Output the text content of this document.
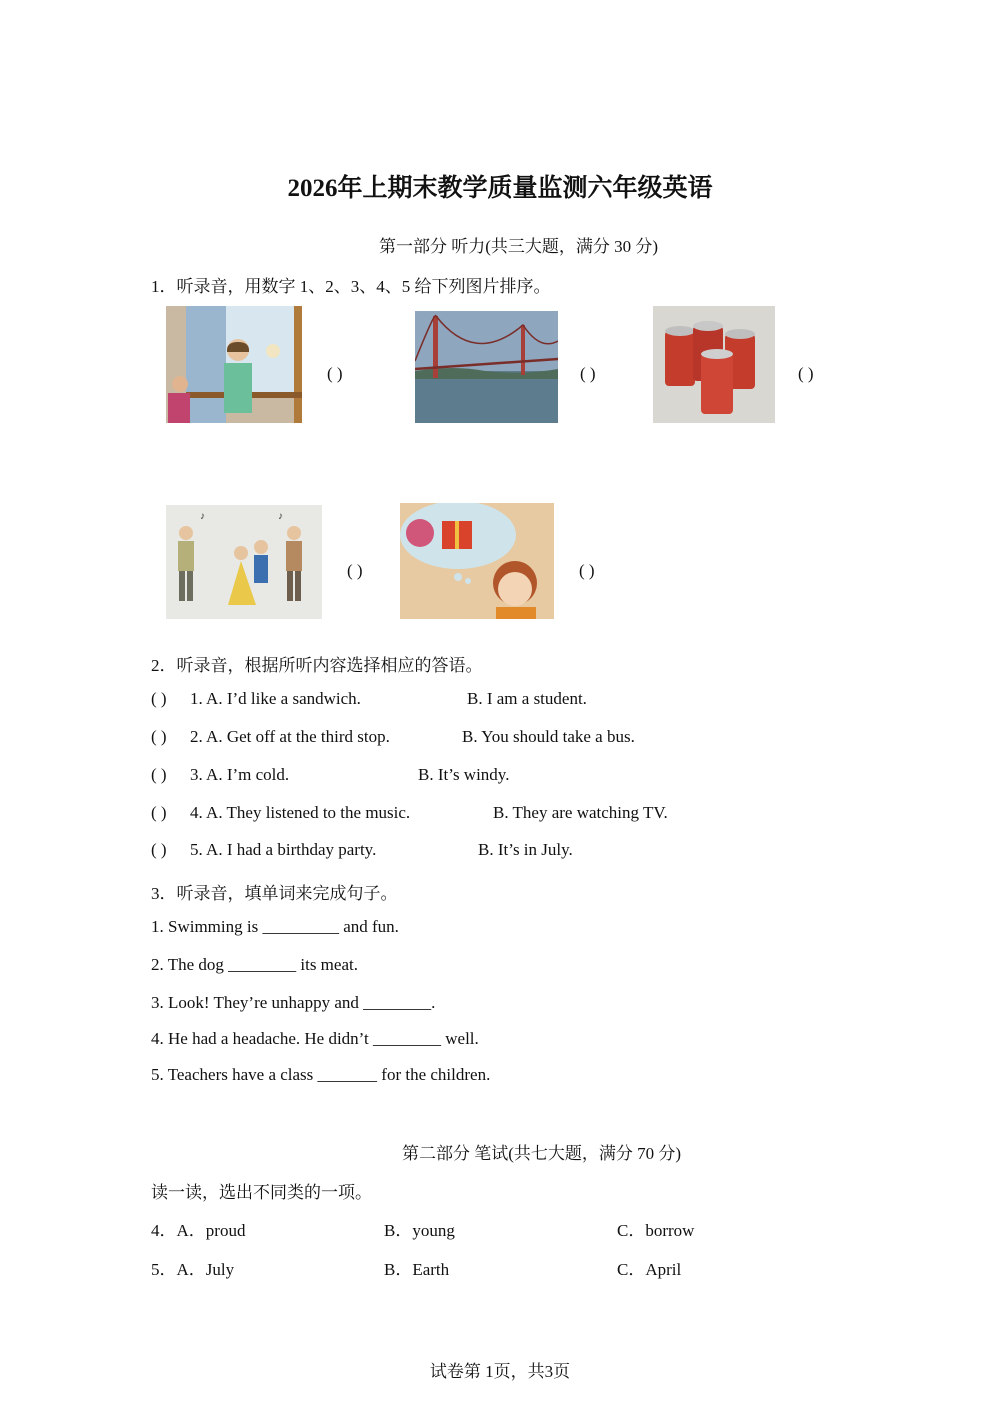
2026年上期末教学质量监测六年级英语
第一部分 听力(共三大题，满分 30 分)
1．听录音，用数字 1、2、3、4、5 给下列图片排序。
( )	( )	( )
♪	♪
( )	( )
2．听录音，根据所听内容选择相应的答语。
( ) 1. A. I’d like a sandwich.	B. I am a student.
( ) 2. A. Get off at the third stop.	B. You should take a bus.
( ) 3. A. I’m cold.	B. It’s windy.
( ) 4. A. They listened to the music.	B. They are watching TV.
( ) 5. A. I had a birthday party.	B. It’s in July.
3．听录音，填单词来完成句子。
1. Swimming is _________ and fun.
2. The dog ________ its meat.
3. Look! They’re unhappy and ________.
4. He had a headache. He didn’t ________ well.
5. Teachers have a class _______ for the children.
第二部分 笔试(共七大题，满分 70 分)
读一读，选出不同类的一项。
4．A．proud	B．young	C．borrow
5．A．July	B．Earth	C．April
试卷第 1页，共3页
